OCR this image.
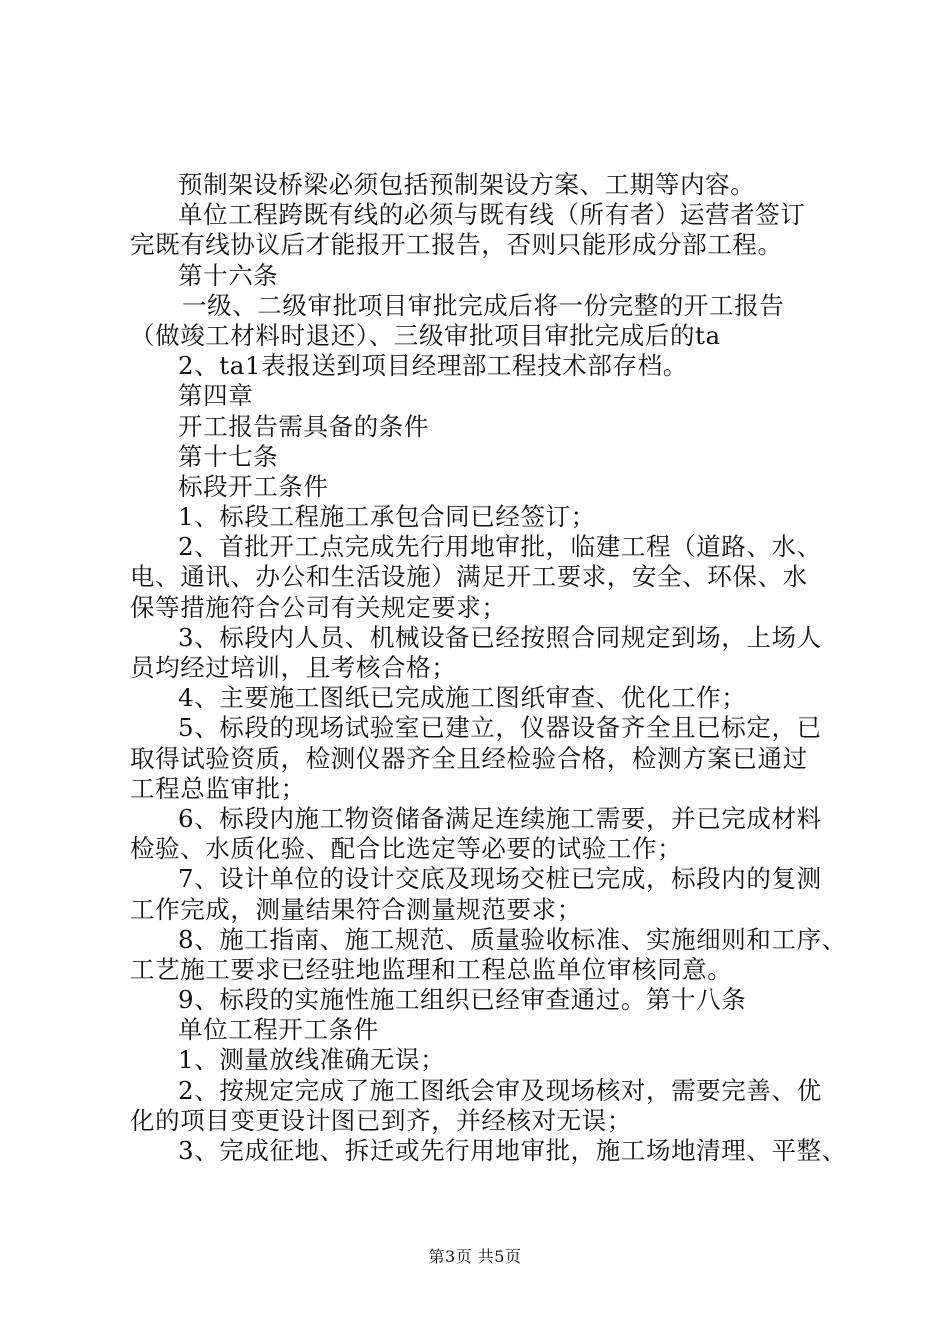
预制架设桥梁必须包括预制架设方案、工期等内容。
单位工程跨既有线的必须与既有线（所有者）运营者签订
完既有线协议后才能报开工报告，否则只能形成分部工程。
第十六条
一级、二级审批项目审批完成后将一份完整的开工报告
（做竣工材料时退还）、三级审批项目审批完成后的ta
2、ta1表报送到项目经理部工程技术部存档。
第四章
开工报告需具备的条件
第十七条
标段开工条件
1、标段工程施工承包合同已经签订；
2、首批开工点完成先行用地审批，临建工程（道路、水、
电、通讯、办公和生活设施）满足开工要求，安全、环保、水
保等措施符合公司有关规定要求；
3、标段内人员、机械设备已经按照合同规定到场，上场人
员均经过培训，且考核合格；
4、主要施工图纸已完成施工图纸审查、优化工作；
5、标段的现场试验室已建立，仪器设备齐全且已标定，已
取得试验资质，检测仪器齐全且经检验合格，检测方案已通过
工程总监审批；
6、标段内施工物资储备满足连续施工需要，并已完成材料
检验、水质化验、配合比选定等必要的试验工作；
7、设计单位的设计交底及现场交桩已完成，标段内的复测
工作完成，测量结果符合测量规范要求；
8、施工指南、施工规范、质量验收标准、实施细则和工序、
工艺施工要求已经驻地监理和工程总监单位审核同意。
9、标段的实施性施工组织已经审查通过。第十八条
单位工程开工条件
1、测量放线准确无误；
2、按规定完成了施工图纸会审及现场核对，需要完善、优
化的项目变更设计图已到齐，并经核对无误；
3、完成征地、拆迁或先行用地审批，施工场地清理、平整、
第3页 共5页
